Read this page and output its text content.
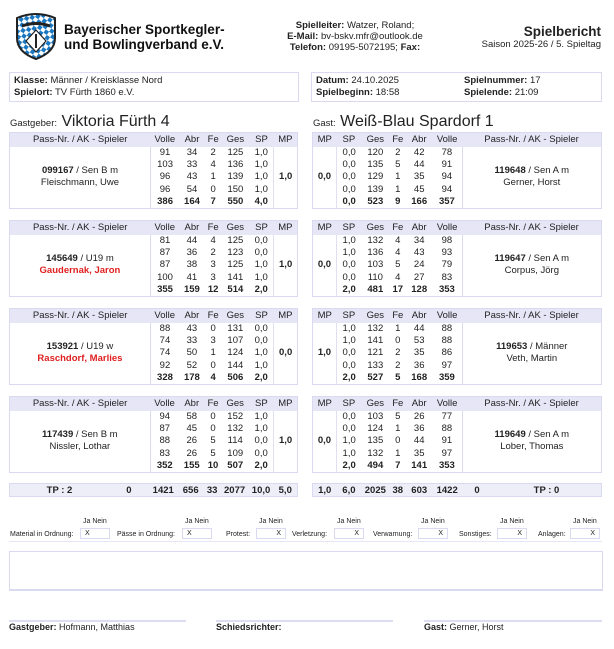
Bayerischer Sportkegler-
und Bowlingverband e.V.
Spielleiter: Watzer, Roland;
E-Mail: bv-bskv.mfr@outlook.de
Telefon: 09195-5072195; Fax:
Spielbericht
Saison 2025-26 / 5. Spieltag
Klasse: Männer / Kreisklasse Nord
Spielort: TV Fürth 1860 e.V.
Datum: 24.10.2025
Spielbeginn: 18:58
Spielnummer: 17
Spielende: 21:09
Gastgeber: Viktoria Fürth 4	Gast: Weiß-Blau Spardorf 1
Pass-Nr. / AK - Spieler	Volle	Abr	Fe	Ges	SP	MP

099167 / Sen B m
Fleischmann, Uwe	91	34	2	125	1,0	1,0
	103	33	4	136	1,0	
	96	43	1	139	1,0	
	96	54	0	150	1,0	
	386	164	7	550	4,0	
Pass-Nr. / AK - Spieler	Volle	Abr	Fe	Ges	SP	MP

145649 / U19 m
Gaudernak, Jaron	81	44	4	125	0,0	1,0
	87	36	2	123	0,0	
	87	38	3	125	1,0	
	100	41	3	141	1,0	
	355	159	12	514	2,0	
Pass-Nr. / AK - Spieler	Volle	Abr	Fe	Ges	SP	MP

153921 / U19 w
Raschdorf, Marlies	88	43	0	131	0,0	0,0
	74	33	3	107	0,0	
	74	50	1	124	1,0	
	92	52	0	144	1,0	
	328	178	4	506	2,0	
Pass-Nr. / AK - Spieler	Volle	Abr	Fe	Ges	SP	MP

117439 / Sen B m
Nissler, Lothar	94	58	0	152	1,0	1,0
	87	45	0	132	1,0	
	88	26	5	114	0,0	
	83	26	5	109	0,0	
	352	155	10	507	2,0	
MP	SP	Ges	Fe	Abr	Volle	Pass-Nr. / AK - Spieler
0,0	0,0	120	2	42	78	119648 / Sen A m
Gerner, Horst

	0,0	135	5	44	91	
	0,0	129	1	35	94	
	0,0	139	1	45	94	
	0,0	523	9	166	357	
MP	SP	Ges	Fe	Abr	Volle	Pass-Nr. / AK - Spieler
0,0	1,0	132	4	34	98	119647 / Sen A m
Corpus, Jörg

	1,0	136	4	43	93	
	0,0	103	5	24	79	
	0,0	110	4	27	83	
	2,0	481	17	128	353	
MP	SP	Ges	Fe	Abr	Volle	Pass-Nr. / AK - Spieler
1,0	1,0	132	1	44	88	119653 / Männer
Veth, Martin

	1,0	141	0	53	88	
	0,0	121	2	35	86	
	0,0	133	2	36	97	
	2,0	527	5	168	359	
MP	SP	Ges	Fe	Abr	Volle	Pass-Nr. / AK - Spieler
0,0	0,0	103	5	26	77	119649 / Sen A m
Lober, Thomas

	0,0	124	1	36	88	
	1,0	135	0	44	91	
	1,0	132	1	35	97	
	2,0	494	7	141	353	
TP : 2	0	1421	656	33	2077	10,0	5,0	1,0	6,0	2025	38	603	1422	0	TP : 0
Material in Ordnung:
Ja Nein
X	Pässe in Ordnung:
Ja Nein
X	Protest:
Ja Nein
X	Verletzung:
Ja Nein
X	Verwarnung:
Ja Nein
X	Sonstiges:
Ja Nein
X	Anlagen:
Ja Nein
X
Gastgeber: Hofmann, Matthias	Schiedsrichter:	Gast: Gerner, Horst
